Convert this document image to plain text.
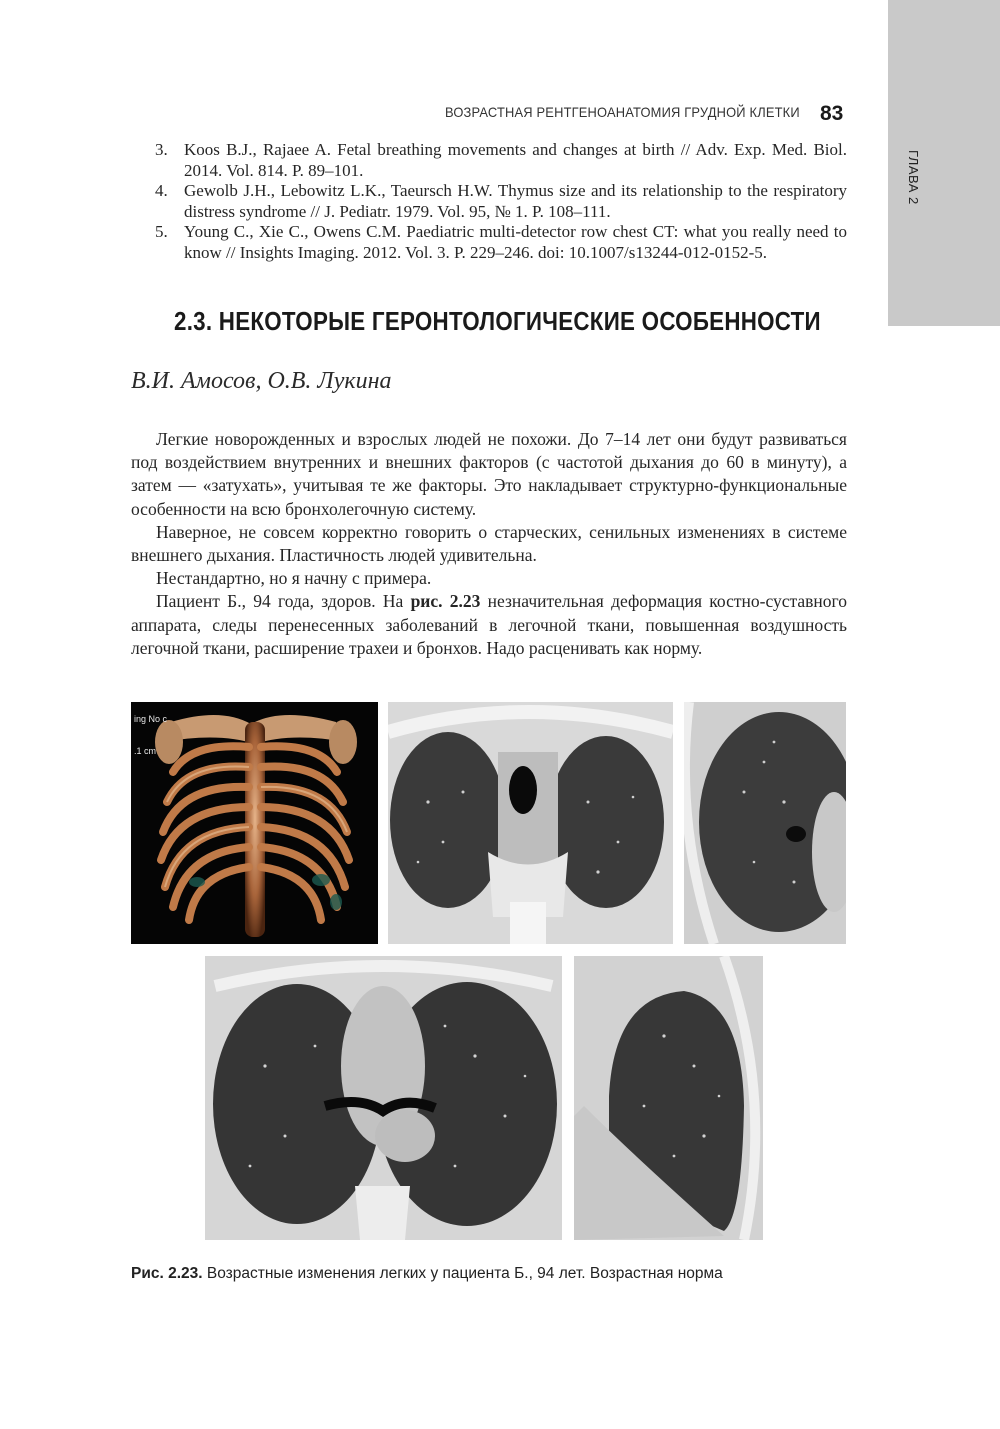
ВОЗРАСТНАЯ РЕНТГЕНОАНАТОМИЯ ГРУДНОЙ КЛЕТКИ 83
ГЛАВА 2
3. Koos B.J., Rajaee A. Fetal breathing movements and changes at birth // Adv. Exp. Med. Biol. 2014. Vol. 814. P. 89–101.
4. Gewolb J.H., Lebowitz L.K., Taeursch H.W. Thymus size and its relationship to the respiratory distress syndrome // J. Pediatr. 1979. Vol. 95, № 1. P. 108–111.
5. Young C., Xie C., Owens C.M. Paediatric multi-detector row chest CT: what you really need to know // Insights Imaging. 2012. Vol. 3. P. 229–246. doi: 10.1007/s13244-012-0152-5.
2.3. НЕКОТОРЫЕ ГЕРОНТОЛОГИЧЕСКИЕ ОСОБЕННОСТИ
В.И. Амосов, О.В. Лукина

Легкие новорожденных и взрослых людей не похожи. До 7–14 лет они будут развиваться под воздействием внутренних и внешних факторов (с частотой дыхания до 60 в минуту), а затем — «затухать», учитывая те же факторы. Это накладывает структурно-функциональные особенности на всю бронхолегочную систему.

Наверное, не совсем корректно говорить о старческих, сенильных изменениях в системе внешнего дыхания. Пластичность людей удивительна.

Нестандартно, но я начну с примера.

Пациент Б., 94 года, здоров. На рис. 2.23 незначительная деформация костно-суставного аппарата, следы перенесенных заболеваний в легочной ткани, повышенная воздушность легочной ткани, расширение трахеи и бронхов. Надо расценивать как норму.

ing No c
.1 cm
Рис. 2.23. Возрастные изменения легких у пациента Б., 94 лет. Возрастная норма
